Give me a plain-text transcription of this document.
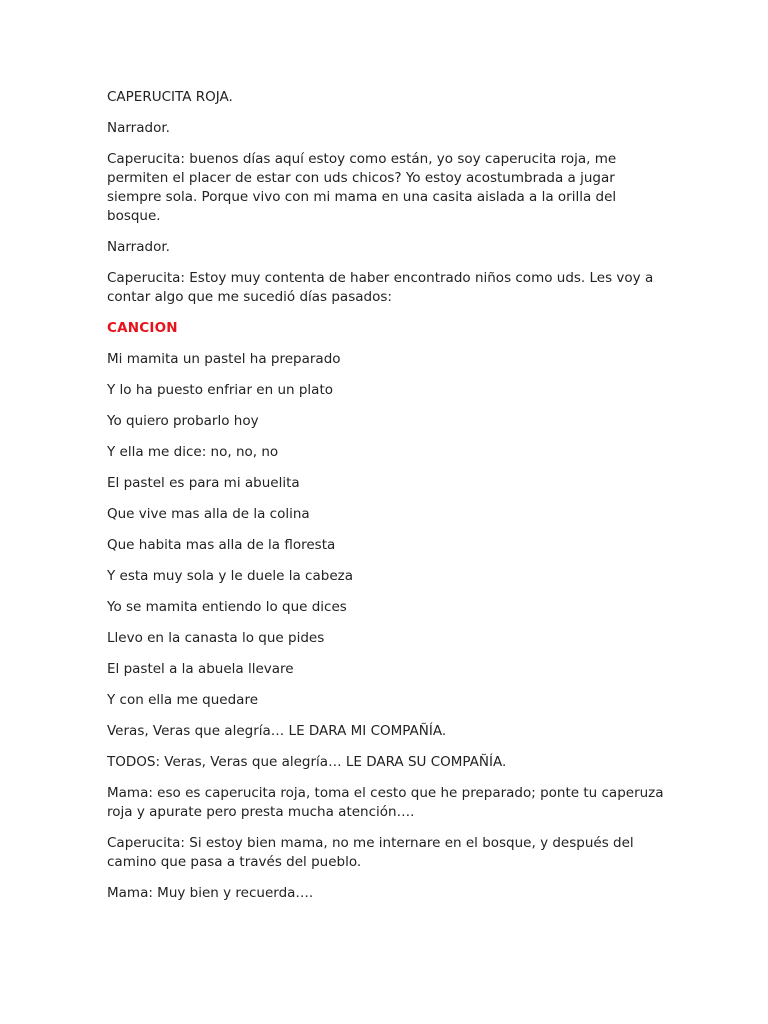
CAPERUCITA ROJA.

Narrador.

Caperucita: buenos días aquí estoy como están, yo soy caperucita roja, me permiten el placer de estar con uds chicos? Yo estoy acostumbrada a jugar siempre sola. Porque vivo con mi mama en una casita aislada a la orilla del bosque.

Narrador.

Caperucita: Estoy muy contenta de haber encontrado niños como uds. Les voy a contar algo que me sucedió días pasados:

CANCION

Mi mamita un pastel ha preparado

Y lo ha puesto enfriar en un plato

Yo quiero probarlo hoy

Y ella me dice: no, no, no

El pastel es para mi abuelita

Que vive mas alla de la colina

Que habita mas alla de la floresta

Y esta muy sola y le duele la cabeza

Yo se mamita entiendo lo que dices

Llevo en la canasta lo que pides

El pastel a la abuela llevare

Y con ella me quedare

Veras, Veras que alegría… LE DARA MI COMPAÑÍA.

TODOS: Veras, Veras que alegría… LE DARA SU COMPAÑÍA.

Mama: eso es caperucita roja, toma el cesto que he preparado; ponte tu caperuza roja y apurate pero presta mucha atención….

Caperucita: Si estoy bien mama, no me internare en el bosque, y después del camino que pasa a través del pueblo.

Mama: Muy bien y recuerda….
